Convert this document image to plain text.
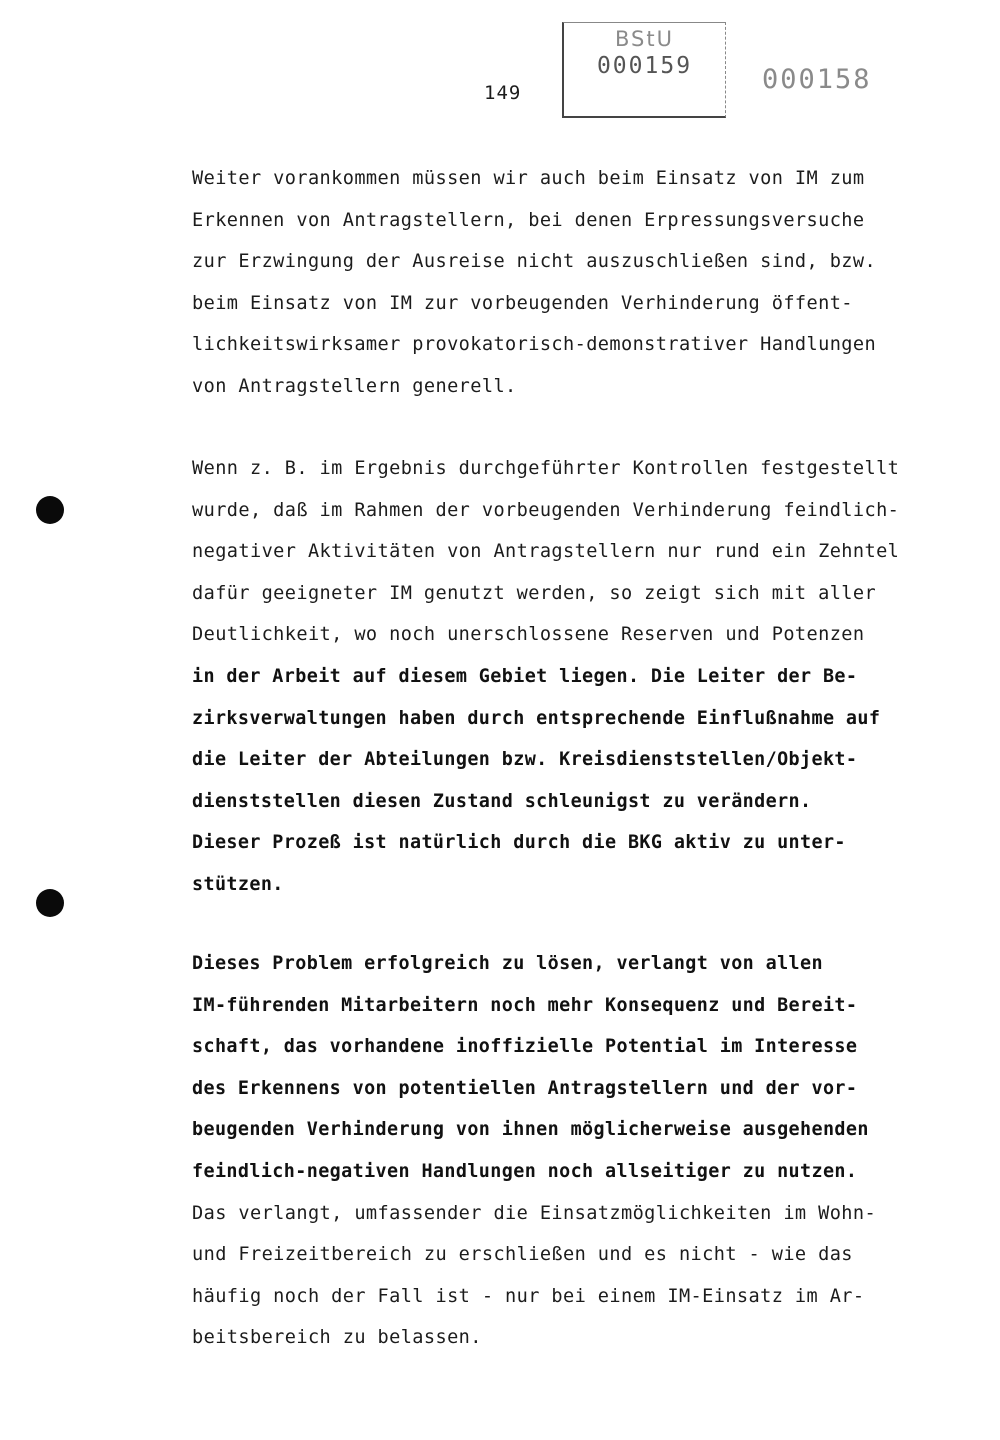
149
BStU
000159	000158
Weiter vorankommen müssen wir auch beim Einsatz von IM zum
Erkennen von Antragstellern, bei denen Erpressungsversuche
zur Erzwingung der Ausreise nicht auszuschließen sind, bzw.
beim Einsatz von IM zur vorbeugenden Verhinderung öffent-
lichkeitswirksamer provokatorisch-demonstrativer Handlungen
von Antragstellern generell.
Wenn z. B. im Ergebnis durchgeführter Kontrollen festgestellt
wurde, daß im Rahmen der vorbeugenden Verhinderung feindlich-
negativer Aktivitäten von Antragstellern nur rund ein Zehntel
dafür geeigneter IM genutzt werden, so zeigt sich mit aller
Deutlichkeit, wo noch unerschlossene Reserven und Potenzen
in der Arbeit auf diesem Gebiet liegen. Die Leiter der Be-
zirksverwaltungen haben durch entsprechende Einflußnahme auf
die Leiter der Abteilungen bzw. Kreisdienststellen/Objekt-
dienststellen diesen Zustand schleunigst zu verändern.
Dieser Prozeß ist natürlich durch die BKG aktiv zu unter-
stützen.
Dieses Problem erfolgreich zu lösen, verlangt von allen
IM-führenden Mitarbeitern noch mehr Konsequenz und Bereit-
schaft, das vorhandene inoffizielle Potential im Interesse
des Erkennens von potentiellen Antragstellern und der vor-
beugenden Verhinderung von ihnen möglicherweise ausgehenden
feindlich-negativen Handlungen noch allseitiger zu nutzen.
Das verlangt, umfassender die Einsatzmöglichkeiten im Wohn-
und Freizeitbereich zu erschließen und es nicht - wie das
häufig noch der Fall ist - nur bei einem IM-Einsatz im Ar-
beitsbereich zu belassen.
